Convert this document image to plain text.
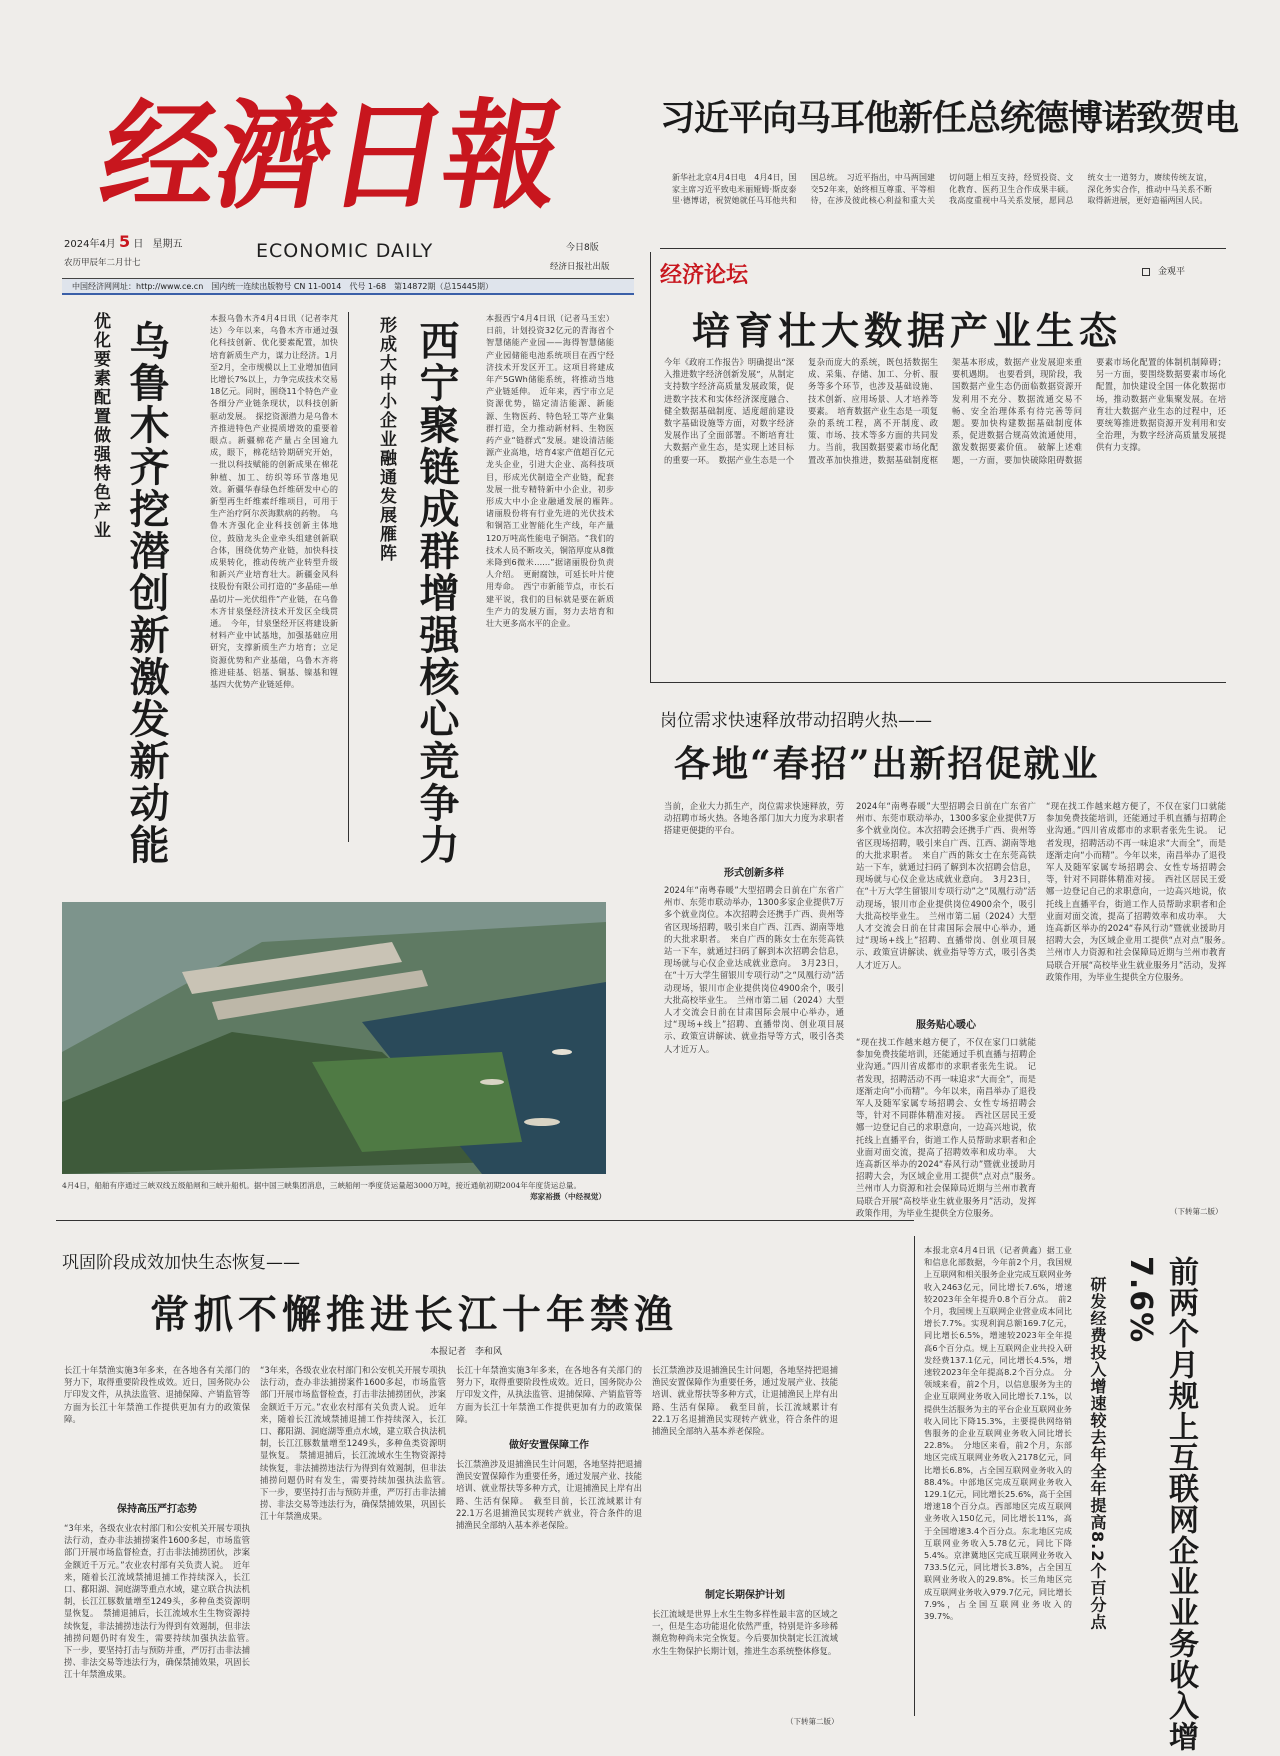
经濟日報
2024年4月 5 日 星期五
农历甲辰年二月廿七
ECONOMIC DAILY	今日8版
经济日报社出版
中国经济网网址：http://www.ce.cn　国内统一连续出版物号 CN 11-0014　代号 1-68　第14872期（总15445期）
习近平向马耳他新任总统德博诺致贺电
新华社北京4月4日电　4月4日，国家主席习近平致电米丽娅姆·斯皮泰里·德博诺，祝贺她就任马耳他共和国总统。　习近平指出，中马两国建交52年来，始终相互尊重、平等相待，在涉及彼此核心利益和重大关切问题上相互支持，经贸投资、文化教育、医药卫生合作成果丰硕。我高度重视中马关系发展，愿同总统女士一道努力，赓续传统友谊，深化务实合作，推动中马关系不断取得新进展，更好造福两国人民。
经济论坛	金观平
培育壮大数据产业生态
今年《政府工作报告》明确提出“深入推进数字经济创新发展”，从制定支持数字经济高质量发展政策，促进数字技术和实体经济深度融合、健全数据基础制度、适度超前建设数字基础设施等方面，对数字经济发展作出了全面部署。不断培育壮大数据产业生态，是实现上述目标的重要一环。　数据产业生态是一个复杂而庞大的系统，既包括数据生成、采集、存储、加工、分析、服务等多个环节，也涉及基础设施、技术创新、应用场景、人才培养等要素。　培育数据产业生态是一项复杂的系统工程，离不开制度、政策、市场、技术等多方面的共同发力。当前，我国数据要素市场化配置改革加快推进，数据基础制度框架基本形成，数据产业发展迎来重要机遇期。　也要看到，现阶段，我国数据产业生态仍面临数据资源开发利用不充分、数据流通交易不畅、安全治理体系有待完善等问题。要加快构建数据基础制度体系，促进数据合规高效流通使用，激发数据要素价值。　破解上述难题，一方面，要加快破除阻碍数据要素市场化配置的体制机制障碍；另一方面，要围绕数据要素市场化配置，加快建设全国一体化数据市场，推动数据产业集聚发展。在培育壮大数据产业生态的过程中，还要统筹推进数据资源开发利用和安全治理，为数字经济高质量发展提供有力支撑。
优化要素配置做强特色产业 乌鲁木齐挖潜创新激发新动能
本报乌鲁木齐4月4日讯（记者李芃达）今年以来，乌鲁木齐市通过强化科技创新、优化要素配置，加快培育新质生产力，谋力让经济。1月至2月，全市规模以上工业增加值同比增长7%以上，力争完成技术交易18亿元。同时，围绕11个特色产业各细分产业链条现状，以科技创新驱动发展。　探挖资源潜力是乌鲁木齐推进特色产业提质增效的重要着眼点。新疆棉花产量占全国逾九成，眼下，棉花结铃期研究开始，一批以科技赋能的创新成果在棉花种植、加工、纺织等环节落地见效。新疆华春绿色纤维研发中心的新型再生纤维素纤维项目，可用于生产治疗阿尔茨海默病的药物。　乌鲁木齐强化企业科技创新主体地位，鼓励龙头企业牵头组建创新联合体，围绕优势产业链，加快科技成果转化，推动传统产业转型升级和新兴产业培育壮大。新疆金风科技股份有限公司打造的“多晶硅—单晶切片—光伏组件”产业链，在乌鲁木齐甘泉堡经济技术开发区全线贯通。　今年，甘泉堡经开区将建设新材料产业中试基地，加强基础应用研究，支撑新质生产力培育；立足资源优势和产业基础，乌鲁木齐将推进硅基、铝基、铜基、镍基和锂基四大优势产业链延伸。
形成大中小企业融通发展雁阵 西宁聚链成群增强核心竞争力
本报西宁4月4日讯（记者马玉宏）日前，计划投资32亿元的青海省个智慧储能产业园——海得智慧储能产业园储能电池系统项目在西宁经济技术开发区开工。这项目将建成年产5GWh储能系统，将推动当地产业链延伸。　近年来，西宁市立足资源优势，锚定清洁能源、新能源、生物医药、特色轻工等产业集群打造，全力推动新材料、生物医药产业“链群式”发展。建设清洁能源产业高地，培育4家产值超百亿元龙头企业，引进大企业、高科技项目，形成光伏制造全产业链，配套发展一批专精特新中小企业，初步形成大中小企业融通发展的雁阵。　诸丽股份将有行业先进的光伏技术和铜箔工业智能化生产线，年产量120万吨高性能电子铜箔。“我们的技术人员不断攻关，铜箔厚度从8微米降到6微米……”据诸丽股份负责人介绍。　更耐腐蚀，可延长叶片使用寿命。　西宁市新能节点，市长石建平说，我们的目标就是要在新质生产力的发展方面，努力去培育和壮大更多高水平的企业。
4月4日，船舶有序通过三峡双线五级船闸和三峡升船机。据中国三峡集团消息，三峡船闸一季度货运量超3000万吨，接近通航初期2004年年度货运总量。
郑家裕摄（中经视觉）
岗位需求快速释放带动招聘火热——
各地“春招”出新招促就业
当前，企业大力抓生产，岗位需求快速释放，劳动招聘市场火热。各地各部门加大力度为求职者搭建更便捷的平台。
形式创新多样
2024年“南粤春暖”大型招聘会日前在广东省广州市、东莞市联动举办，1300多家企业提供7万多个就业岗位。本次招聘会还携手广西、贵州等省区现场招聘，吸引来自广西、江西、湖南等地的大批求职者。　来自广西的陈女士在东莞高铁站一下车，就通过扫码了解到本次招聘会信息，现场就与心仪企业达成就业意向。　3月23日，在“十万大学生留银川专项行动”之“凤凰行动”活动现场，银川市企业提供岗位4900余个，吸引大批高校毕业生。　兰州市第二届（2024）大型人才交流会日前在甘肃国际会展中心举办，通过“现场+线上”招聘、直播带岗、创业项目展示、政策宣讲解读、就业指导等方式，吸引各类人才近万人。
2024年“南粤春暖”大型招聘会日前在广东省广州市、东莞市联动举办，1300多家企业提供7万多个就业岗位。本次招聘会还携手广西、贵州等省区现场招聘，吸引来自广西、江西、湖南等地的大批求职者。　来自广西的陈女士在东莞高铁站一下车，就通过扫码了解到本次招聘会信息，现场就与心仪企业达成就业意向。　3月23日，在“十万大学生留银川专项行动”之“凤凰行动”活动现场，银川市企业提供岗位4900余个，吸引大批高校毕业生。　兰州市第二届（2024）大型人才交流会日前在甘肃国际会展中心举办，通过“现场+线上”招聘、直播带岗、创业项目展示、政策宣讲解读、就业指导等方式，吸引各类人才近万人。
服务贴心暖心
“现在找工作越来越方便了，不仅在家门口就能参加免费技能培训，还能通过手机直播与招聘企业沟通。”四川省成都市的求职者张先生说。　记者发现，招聘活动不再一味追求“大而全”，而是逐渐走向“小而精”。今年以来，南昌举办了退役军人及随军家属专场招聘会、女性专场招聘会等，针对不同群体精准对接。　西社区居民王爱娜一边登记自己的求职意向，一边高兴地说，依托线上直播平台，街道工作人员帮助求职者和企业面对面交流，提高了招聘效率和成功率。　大连高新区举办的2024“春风行动”暨就业援助月招聘大会，为区域企业用工提供“点对点”服务。　兰州市人力资源和社会保障局近期与兰州市教育局联合开展“高校毕业生就业服务月”活动，发挥政策作用，为毕业生提供全方位服务。
“现在找工作越来越方便了，不仅在家门口就能参加免费技能培训，还能通过手机直播与招聘企业沟通。”四川省成都市的求职者张先生说。　记者发现，招聘活动不再一味追求“大而全”，而是逐渐走向“小而精”。今年以来，南昌举办了退役军人及随军家属专场招聘会、女性专场招聘会等，针对不同群体精准对接。　西社区居民王爱娜一边登记自己的求职意向，一边高兴地说，依托线上直播平台，街道工作人员帮助求职者和企业面对面交流，提高了招聘效率和成功率。　大连高新区举办的2024“春风行动”暨就业援助月招聘大会，为区域企业用工提供“点对点”服务。　兰州市人力资源和社会保障局近期与兰州市教育局联合开展“高校毕业生就业服务月”活动，发挥政策作用，为毕业生提供全方位服务。
（下转第二版）
巩固阶段成效加快生态恢复——
常抓不懈推进长江十年禁渔
本报记者　李和风
长江十年禁渔实施3年多来，在各地各有关部门的努力下，取得重要阶段性成效。近日，国务院办公厅印发文件，从执法监管、退捕保障、产销监管等方面为长江十年禁渔工作提供更加有力的政策保障。
保持高压严打态势
“3年来，各级农业农村部门和公安机关开展专项执法行动，查办非法捕捞案件1600多起，市场监管部门开展市场监督检查，打击非法捕捞团伙，涉案金额近千万元。”农业农村部有关负责人说。　近年来，随着长江流域禁捕退捕工作持续深入，长江口、鄱阳湖、洞庭湖等重点水域，建立联合执法机制，长江江豚数量增至1249头，多种鱼类资源明显恢复。　禁捕退捕后，长江流域水生生物资源持续恢复，非法捕捞违法行为得到有效遏制，但非法捕捞问题仍时有发生，需要持续加强执法监管。　下一步，要坚持打击与预防并重，严厉打击非法捕捞、非法交易等违法行为，确保禁捕效果，巩固长江十年禁渔成果。
“3年来，各级农业农村部门和公安机关开展专项执法行动，查办非法捕捞案件1600多起，市场监管部门开展市场监督检查，打击非法捕捞团伙，涉案金额近千万元。”农业农村部有关负责人说。　近年来，随着长江流域禁捕退捕工作持续深入，长江口、鄱阳湖、洞庭湖等重点水域，建立联合执法机制，长江江豚数量增至1249头，多种鱼类资源明显恢复。　禁捕退捕后，长江流域水生生物资源持续恢复，非法捕捞违法行为得到有效遏制，但非法捕捞问题仍时有发生，需要持续加强执法监管。　下一步，要坚持打击与预防并重，严厉打击非法捕捞、非法交易等违法行为，确保禁捕效果，巩固长江十年禁渔成果。
长江十年禁渔实施3年多来，在各地各有关部门的努力下，取得重要阶段性成效。近日，国务院办公厅印发文件，从执法监管、退捕保障、产销监管等方面为长江十年禁渔工作提供更加有力的政策保障。
做好安置保障工作
长江禁渔涉及退捕渔民生计问题，各地坚持把退捕渔民安置保障作为重要任务，通过发展产业、技能培训、就业帮扶等多种方式，让退捕渔民上岸有出路、生活有保障。　截至目前，长江流域累计有22.1万名退捕渔民实现转产就业，符合条件的退捕渔民全部纳入基本养老保险。
长江禁渔涉及退捕渔民生计问题，各地坚持把退捕渔民安置保障作为重要任务，通过发展产业、技能培训、就业帮扶等多种方式，让退捕渔民上岸有出路、生活有保障。　截至目前，长江流域累计有22.1万名退捕渔民实现转产就业，符合条件的退捕渔民全部纳入基本养老保险。
制定长期保护计划
长江流域是世界上水生生物多样性最丰富的区域之一，但是生态功能退化依然严重，特别是许多珍稀濒危物种尚未完全恢复。今后要加快制定长江流域水生生物保护长期计划，推进生态系统整体修复。
（下转第二版）
本报北京4月4日讯（记者黄鑫）据工业和信息化部数据，今年前2个月，我国规上互联网和相关服务企业完成互联网业务收入2463亿元，同比增长7.6%，增速较2023年全年提升0.8个百分点。　前2个月，我国规上互联网企业营业成本同比增长7.7%。实现利润总额169.7亿元，同比增长6.5%，增速较2023年全年提高6个百分点。规上互联网企业共投入研发经费137.1亿元，同比增长4.5%，增速较2023年全年提高8.2个百分点。　分领域来看，前2个月，以信息服务为主的企业互联网业务收入同比增长7.1%，以提供生活服务为主的平台企业互联网业务收入同比下降15.3%，主要提供网络销售服务的企业互联网业务收入同比增长22.8%。　分地区来看，前2个月，东部地区完成互联网业务收入2178亿元，同比增长6.8%，占全国互联网业务收入的88.4%。中部地区完成互联网业务收入129.1亿元，同比增长25.6%，高于全国增速18个百分点。西部地区完成互联网业务收入150亿元，同比增长11%，高于全国增速3.4个百分点。东北地区完成互联网业务收入5.78亿元，同比下降5.4%。京津冀地区完成互联网业务收入733.5亿元，同比增长3.8%，占全国互联网业务收入的29.8%。长三角地区完成互联网业务收入979.7亿元，同比增长7.9%，占全国互联网业务收入的39.7%。	研发经费投入增速较去年全年提高8.2个百分点	前两个月规上互联网企业业务收入增7.6%
